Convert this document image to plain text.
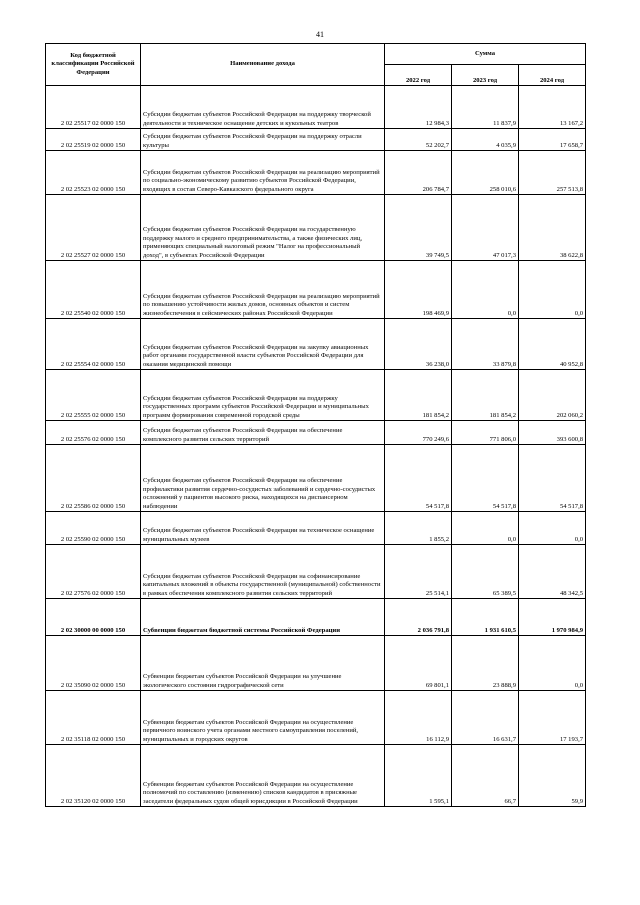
41
Код бюджетной классификации Российской Федерации	Наименование дохода	Сумма		
		2022 год	2023 год	2024 год
2 02 25517 02 0000 150	Субсидии бюджетам субъектов Российской Федерации на поддержку творческой деятельности и техническое оснащение детских и кукольных театров	12 984,3	11 837,9	13 167,2
2 02 25519 02 0000 150	Субсидии бюджетам субъектов Российской Федерации на поддержку отрасли культуры	52 202,7	4 035,9	17 658,7
2 02 25523 02 0000 150	Субсидии бюджетам субъектов Российской Федерации на реализацию мероприятий по социально-экономическому развитию субъектов Российской Федерации, входящих в состав Северо-Кавказского федерального округа	206 784,7	258 010,6	257 513,8
2 02 25527 02 0000 150	Субсидии бюджетам субъектов Российской Федерации на государственную поддержку малого и среднего предпринимательства, а также физических лиц, применяющих специальный налоговый режим "Налог на профессиональный доход", в субъектах Российской Федерации	39 749,5	47 017,3	38 622,8
2 02 25540 02 0000 150	Субсидии бюджетам субъектов Российской Федерации на реализацию мероприятий по повышению устойчивости жилых домов, основных объектов и систем жизнеобеспечения в сейсмических районах Российской Федерации	198 469,9	0,0	0,0
2 02 25554 02 0000 150	Субсидии бюджетам субъектов Российской Федерации на закупку авиационных работ органами государственной власти субъектов Российской Федерации для оказания медицинской помощи	36 238,0	33 879,8	40 952,8
2 02 25555 02 0000 150	Субсидии бюджетам субъектов Российской Федерации на поддержку государственных программ субъектов Российской Федерации и муниципальных программ формирования современной городской среды	181 854,2	181 854,2	202 060,2
2 02 25576 02 0000 150	Субсидии бюджетам субъектов Российской Федерации на обеспечение комплексного развития сельских территорий	770 249,6	771 806,0	393 600,8
2 02 25586 02 0000 150	Субсидии бюджетам субъектов Российской Федерации на обеспечение профилактики развития сердечно-сосудистых заболеваний и сердечно-сосудистых осложнений у пациентов высокого риска, находящихся на диспансерном наблюдении	54 517,8	54 517,8	54 517,8
2 02 25590 02 0000 150	Субсидии бюджетам субъектов Российской Федерации на техническое оснащение муниципальных музеев	1 855,2	0,0	0,0
2 02 27576 02 0000 150	Субсидии бюджетам субъектов Российской Федерации на софинансирование капитальных вложений в объекты государственной (муниципальной) собственности в рамках обеспечения комплексного развития сельских территорий	25 514,1	65 389,5	48 342,5
2 02 30000 00 0000 150	Субвенции бюджетам бюджетной системы Российской Федерации	2 036 791,8	1 931 610,5	1 970 984,9
2 02 35090 02 0000 150	Субвенции бюджетам субъектов Российской Федерации на улучшение экологического состояния гидрографической сети	69 801,1	23 888,9	0,0
2 02 35118 02 0000 150	Субвенции бюджетам субъектов Российской Федерации на осуществление первичного воинского учета органами местного самоуправления поселений, муниципальных и городских округов	16 112,9	16 631,7	17 193,7
2 02 35120 02 0000 150	Субвенции бюджетам субъектов Российской Федерации на осуществление полномочий по составлению (изменению) списков кандидатов в присяжные заседатели федеральных судов общей юрисдикции в Российской Федерации	1 595,1	66,7	59,9
